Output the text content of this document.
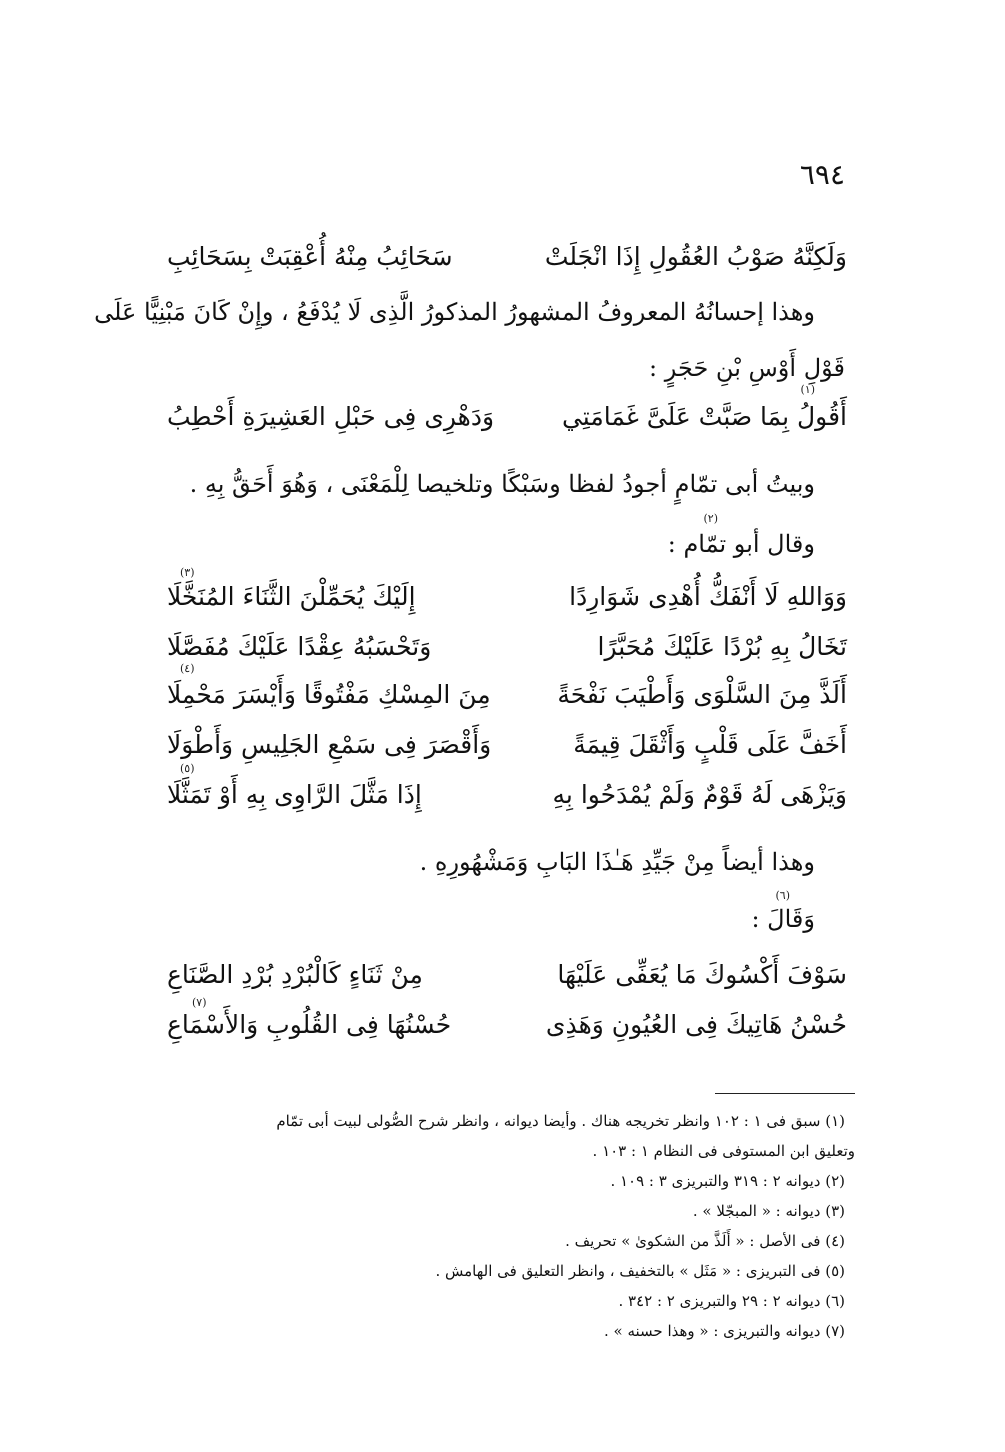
٦٩٤
وَلَكِنَّهُ صَوْبُ العُقُولِ إِذَا انْجَلَتْ
سَحَائِبُ مِنْهُ أُعْقِبَتْ بِسَحَائِبِ
وهذا إحسانُهُ المعروفُ المشهورُ المذكورُ الَّذِى لَا يُدْفَعُ ، وإِنْ كَانَ مَبْنِيًّا عَلَى
قَوْلِ أَوْسِ بْنِ حَجَرٍ :
(١)
أَقُولُ بِمَا صَبَّتْ عَلَىَّ غَمَامَتِي
وَدَهْرِى فِى حَبْلِ العَشِيرَةِ أَحْطِبُ
وبيتُ أبى تمّامٍ أجودُ لفظا وسَبْكًا وتلخيصا لِلْمَعْنَى ، وَهُوَ أَحَقُّ بِهِ .
(٢)
وقال أبو تمّام :
(٣)
وَوَاللهِ لَا أَنْفَكُّ أُهْدِى شَوَارِدًا
إِلَيْكَ يُحَمِّلْنَ الثَّنَاءَ المُنَخَّلَا
تَخَالُ بِهِ بُرْدًا عَلَيْكَ مُحَبَّرًا
وَتَحْسَبُهُ عِقْدًا عَلَيْكَ مُفَصَّلَا
(٤)
أَلَذَّ مِنَ السَّلْوَى وَأَطْيَبَ نَفْحَةً
مِنَ المِسْكِ مَفْتُوقًا وَأَيْسَرَ مَحْمِلَا
أَخَفَّ عَلَى قَلْبٍ وَأَثْقَلَ قِيمَةً
وَأَقْصَرَ فِى سَمْعِ الجَلِيسِ وَأَطْوَلَا
(٥)
وَيَزْهَى لَهُ قَوْمٌ وَلَمْ يُمْدَحُوا بِهِ
إِذَا مَثَّلَ الرَّاوِى بِهِ أَوْ تَمَثَّلَا
وهذا أيضاً مِنْ جَيِّدِ هَـٰذَا البَابِ وَمَشْهُورِهِ .
(٦)
وَقَالَ :
سَوْفَ أَكْسُوكَ مَا يُعَفِّى عَلَيْهَا
مِنْ ثَنَاءٍ كَالْبُرْدِ بُرْدِ الصَّنَاعِ
(٧)
حُسْنُ هَاتِيكَ فِى العُيُونِ وَهَذِى
حُسْنُهَا فِى القُلُوبِ وَالأَسْمَاعِ
(١) سبق فى ١ : ١٠٢ وانظر تخريجه هناك . وأيضا ديوانه ، وانظر شرح الصُّولى لبيت أبى تمّام
وتعليق ابن المستوفى فى النظام ١ : ١٠٣ .
(٢) ديوانه ٢ : ٣١٩ والتبريزى ٣ : ١٠٩ .
(٣) ديوانه : « المبجّلا » .
(٤) فى الأصل : « أَلَذَّ من الشكوىٰ » تحريف .
(٥) فى التبريزى : « مَثَل » بالتخفيف ، وانظر التعليق فى الهامش .
(٦) ديوانه ٢ : ٢٩ والتبريزى ٢ : ٣٤٢ .
(٧) ديوانه والتبريزى : « وهذا حسنه » .
